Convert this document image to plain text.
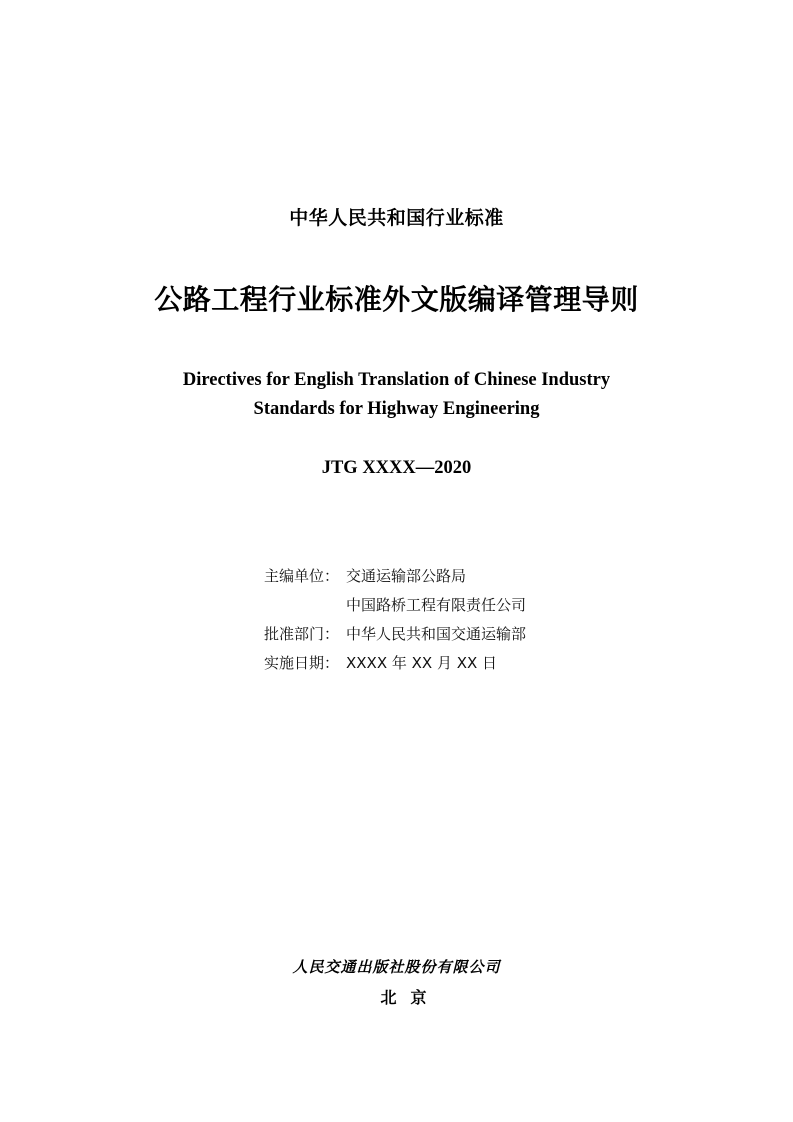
中华人民共和国行业标准
公路工程行业标准外文版编译管理导则
Directives for English Translation of Chinese Industry
Standards for Highway Engineering
JTG XXXX—2020
主编单位： 交通运输部公路局
中国路桥工程有限责任公司
批准部门： 中华人民共和国交通运输部
实施日期： XXXX 年 XX 月 XX 日
人民交通出版社股份有限公司
北京
